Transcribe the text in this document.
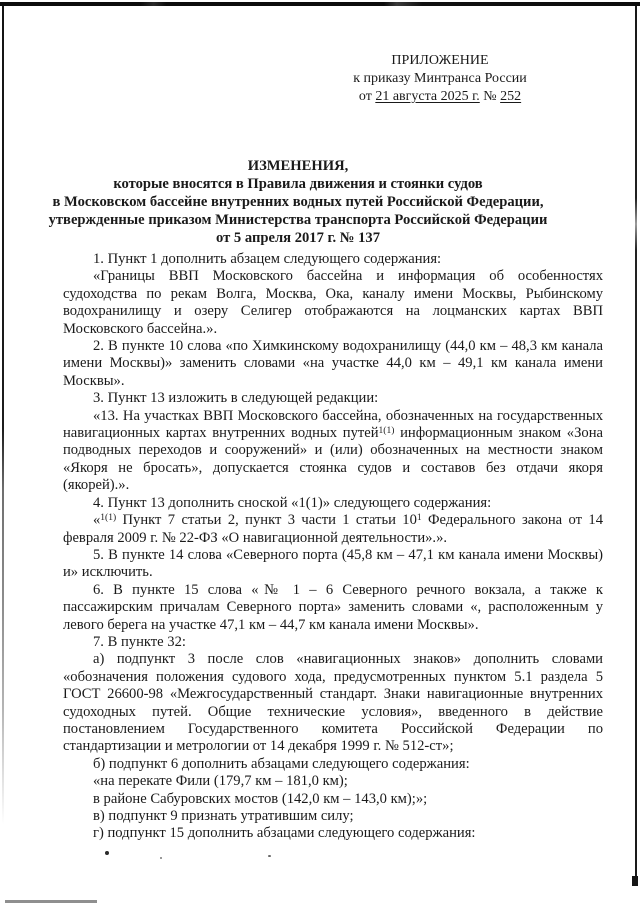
ПРИЛОЖЕНИЕ
к приказу Минтранса России
от 21 августа 2025 г. № 252
ИЗМЕНЕНИЯ,
которые вносятся в Правила движения и стоянки судов
в Московском бассейне внутренних водных путей Российской Федерации,
утвержденные приказом Министерства транспорта Российской Федерации
от 5 апреля 2017 г. № 137

1. Пункт 1 дополнить абзацем следующего содержания:

«Границы ВВП Московского бассейна и информация об особенностях судоходства по рекам Волга, Москва, Ока, каналу имени Москвы, Рыбинскому водохранилищу и озеру Селигер отображаются на лоцманских картах ВВП Московского бассейна.».

2. В пункте 10 слова «по Химкинскому водохранилищу (44,0 км – 48,3 км канала имени Москвы)» заменить словами «на участке 44,0 км – 49,1 км канала имени Москвы».

3. Пункт 13 изложить в следующей редакции:

«13. На участках ВВП Московского бассейна, обозначенных на государственных навигационных картах внутренних водных путей$^{1(1)}$ информационным знаком «Зона подводных переходов и сооружений» и (или) обозначенных на местности знаком «Якоря не бросать», допускается стоянка судов и составов без отдачи якоря (якорей).».

4. Пункт 13 дополнить сноской «1(1)» следующего содержания:

«$^{1(1)}$ Пункт 7 статьи 2, пункт 3 части 1 статьи 10$^1$ Федерального закона от 14 февраля 2009 г. № 22-ФЗ «О навигационной деятельности».».

5. В пункте 14 слова «Северного порта (45,8 км – 47,1 км канала имени Москвы) и» исключить.

6. В пункте 15 слова «№ 1 – 6 Северного речного вокзала, а также к пассажирским причалам Северного порта» заменить словами «, расположенным у левого берега на участке 47,1 км – 44,7 км канала имени Москвы».

7. В пункте 32:

а) подпункт 3 после слов «навигационных знаков» дополнить словами «обозначения положения судового хода, предусмотренных пунктом 5.1 раздела 5 ГОСТ 26600-98 «Межгосударственный стандарт. Знаки навигационные внутренних судоходных путей. Общие технические условия», введенного в действие постановлением Государственного комитета Российской Федерации по стандартизации и метрологии от 14 декабря 1999 г. № 512-ст»;

б) подпункт 6 дополнить абзацами следующего содержания:

«на перекате Фили (179,7 км – 181,0 км);

в районе Сабуровских мостов (142,0 км – 143,0 км);»;

в) подпункт 9 признать утратившим силу;

г) подпункт 15 дополнить абзацами следующего содержания:
